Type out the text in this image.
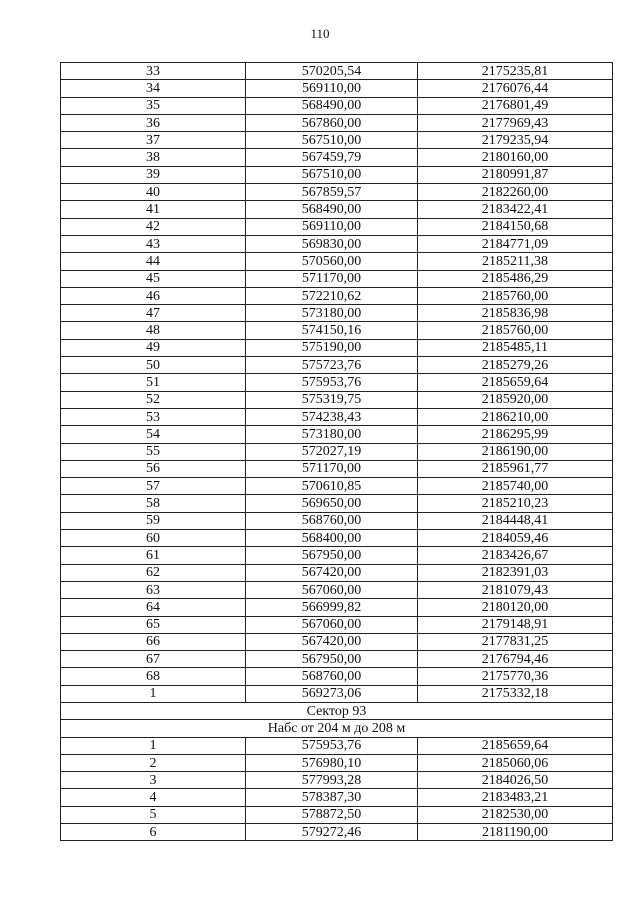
110
33	570205,54	2175235,81
34	569110,00	2176076,44
35	568490,00	2176801,49
36	567860,00	2177969,43
37	567510,00	2179235,94
38	567459,79	2180160,00
39	567510,00	2180991,87
40	567859,57	2182260,00
41	568490,00	2183422,41
42	569110,00	2184150,68
43	569830,00	2184771,09
44	570560,00	2185211,38
45	571170,00	2185486,29
46	572210,62	2185760,00
47	573180,00	2185836,98
48	574150,16	2185760,00
49	575190,00	2185485,11
50	575723,76	2185279,26
51	575953,76	2185659,64
52	575319,75	2185920,00
53	574238,43	2186210,00
54	573180,00	2186295,99
55	572027,19	2186190,00
56	571170,00	2185961,77
57	570610,85	2185740,00
58	569650,00	2185210,23
59	568760,00	2184448,41
60	568400,00	2184059,46
61	567950,00	2183426,67
62	567420,00	2182391,03
63	567060,00	2181079,43
64	566999,82	2180120,00
65	567060,00	2179148,91
66	567420,00	2177831,25
67	567950,00	2176794,46
68	568760,00	2175770,36
1	569273,06	2175332,18
Сектор 93		
Набс от 204 м до 208 м		
1	575953,76	2185659,64
2	576980,10	2185060,06
3	577993,28	2184026,50
4	578387,30	2183483,21
5	578872,50	2182530,00
6	579272,46	2181190,00
